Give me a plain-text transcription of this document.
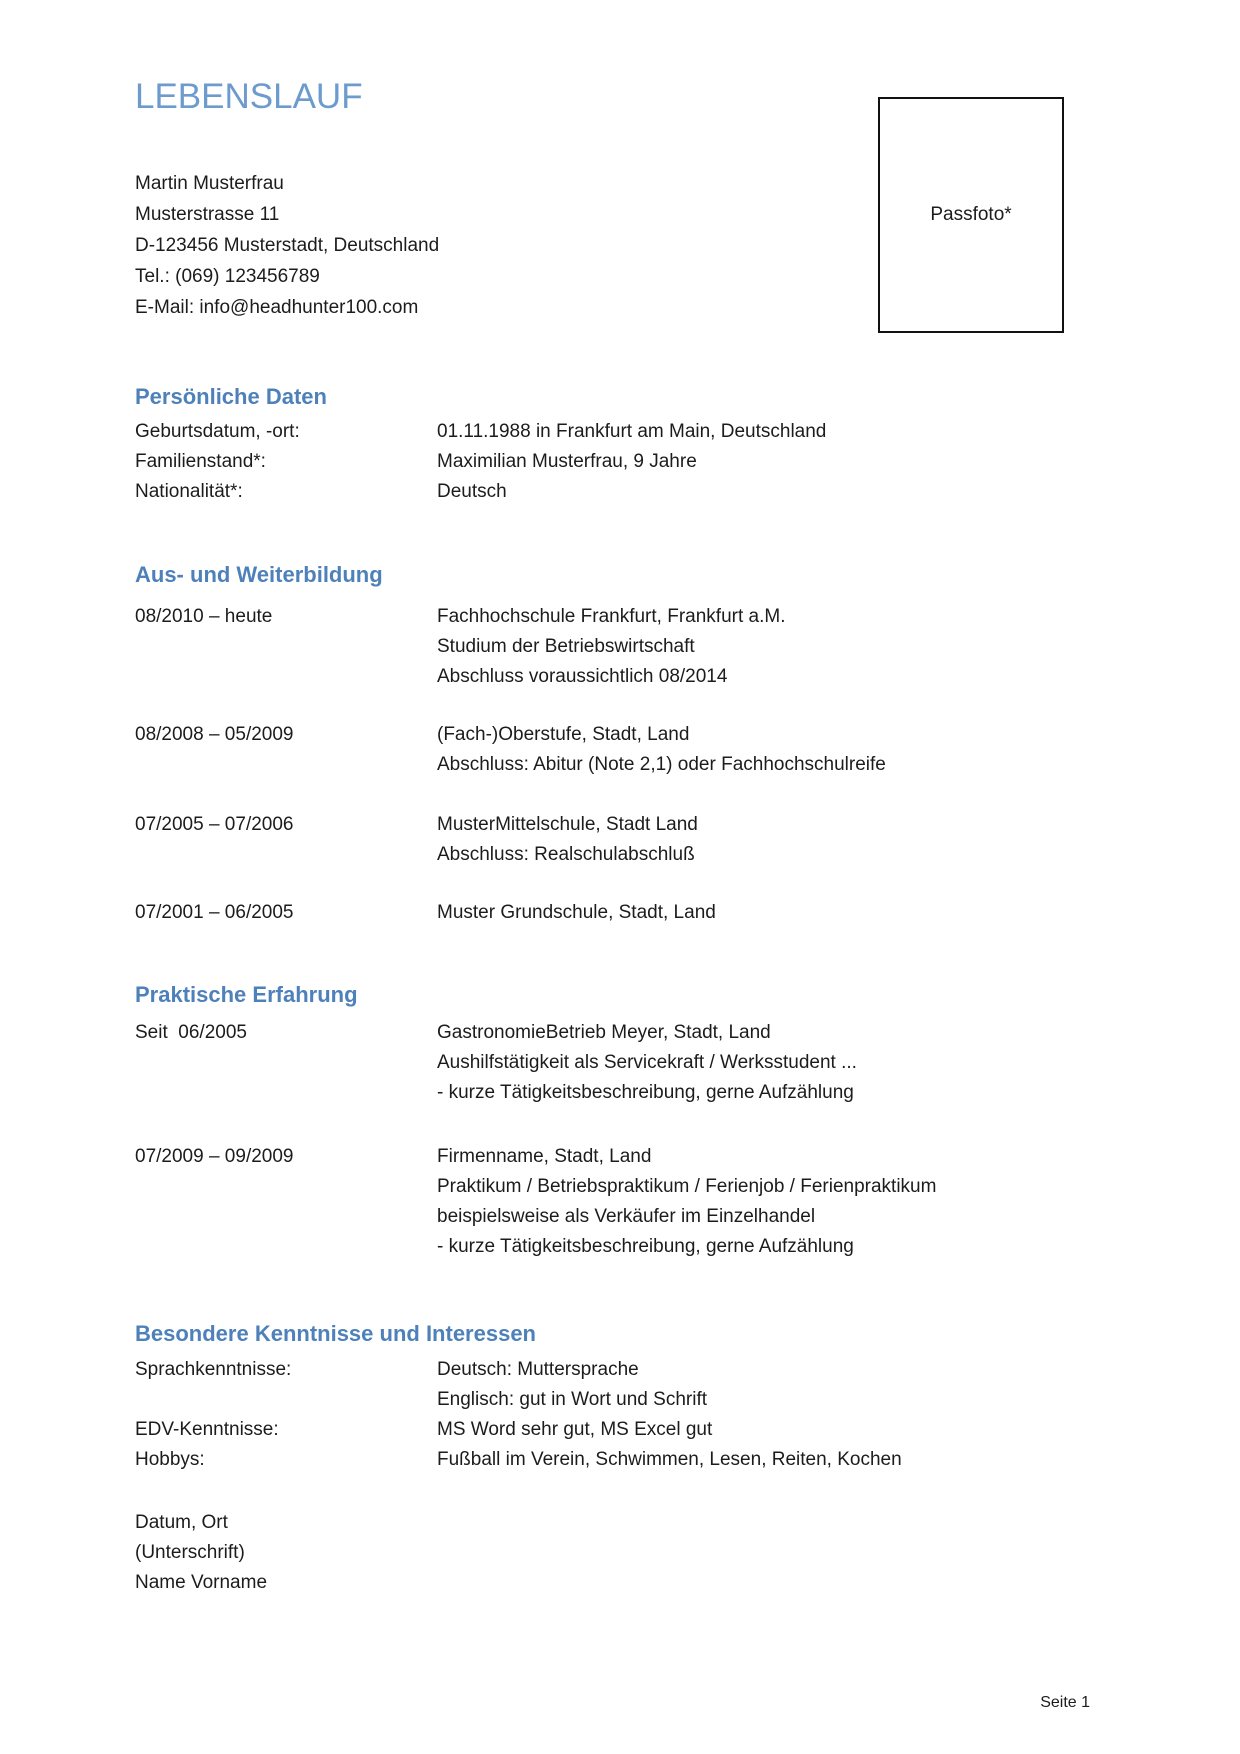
Passfoto*
LEBENSLAUF
Martin Musterfrau
Musterstrasse 11
D-123456 Musterstadt, Deutschland
Tel.: (069) 123456789
E-Mail: info@headhunter100.com
Persönliche Daten
Geburtsdatum, -ort:	01.11.1988 in Frankfurt am Main, Deutschland
Familienstand*:	Maximilian Musterfrau, 9 Jahre
Nationalität*:	Deutsch
Aus- und Weiterbildung
08/2010 – heute	Fachhochschule Frankfurt, Frankfurt a.M.
Studium der Betriebswirtschaft
Abschluss voraussichtlich 08/2014
08/2008 – 05/2009	(Fach-)Oberstufe, Stadt, Land
Abschluss: Abitur (Note 2,1) oder Fachhochschulreife
07/2005 – 07/2006	MusterMittelschule, Stadt Land
Abschluss: Realschulabschluß
07/2001 – 06/2005	Muster Grundschule, Stadt, Land
Praktische Erfahrung
Seit  06/2005	GastronomieBetrieb Meyer, Stadt, Land
Aushilfstätigkeit als Servicekraft / Werksstudent ...
- kurze Tätigkeitsbeschreibung, gerne Aufzählung
07/2009 – 09/2009	Firmenname, Stadt, Land
Praktikum / Betriebspraktikum / Ferienjob / Ferienpraktikum
beispielsweise als Verkäufer im Einzelhandel
- kurze Tätigkeitsbeschreibung, gerne Aufzählung
Besondere Kenntnisse und Interessen
Sprachkenntnisse:	Deutsch: Muttersprache
Englisch: gut in Wort und Schrift
EDV-Kenntnisse:	MS Word sehr gut, MS Excel gut
Hobbys:	Fußball im Verein, Schwimmen, Lesen, Reiten, Kochen
Datum, Ort
(Unterschrift)
Name Vorname
Seite 1
